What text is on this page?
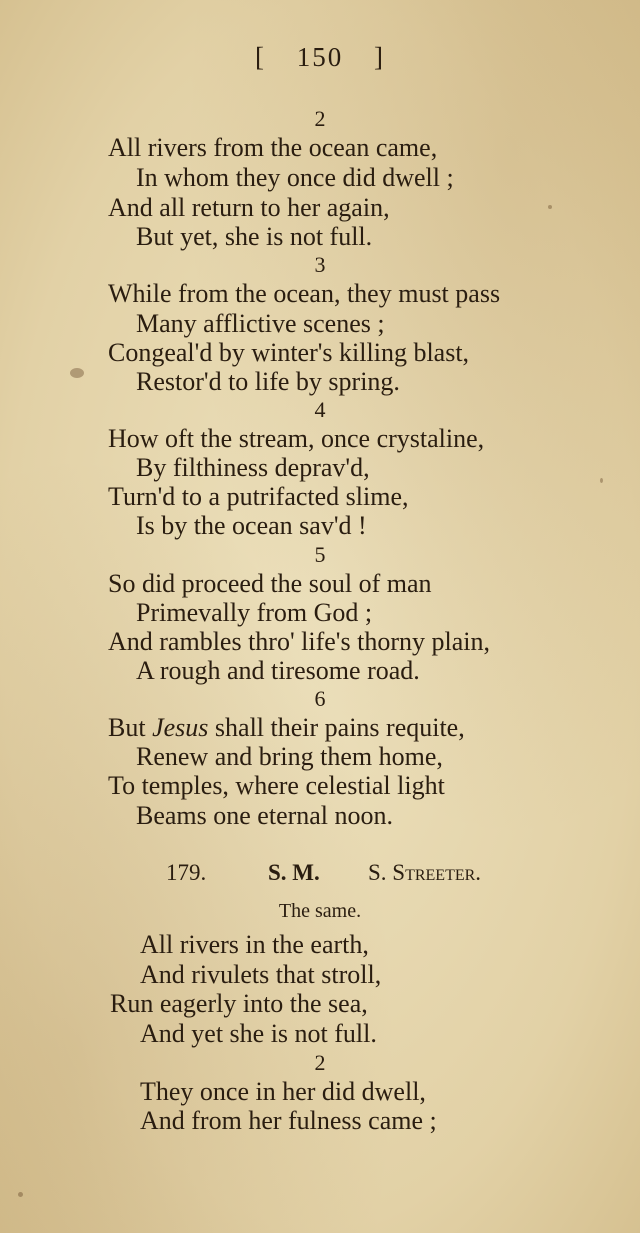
[ 150 ]
2
All rivers from the ocean came,
In whom they once did dwell ;
And all return to her again,
But yet, she is not full.
3
While from the ocean, they must pass
Many afflictive scenes ;
Congeal'd by winter's killing blast,
Restor'd to life by spring.
4
How oft the stream, once crystaline,
By filthiness deprav'd,
Turn'd to a putrifacted slime,
Is by the ocean sav'd !
5
So did proceed the soul of man
Primevally from God ;
And rambles thro' life's thorny plain,
A rough and tiresome road.
6
But Jesus shall their pains requite,
Renew and bring them home,
To temples, where celestial light
Beams one eternal noon.
179.	S. M. S. Streeter.
The same.
All rivers in the earth,
And rivulets that stroll,
Run eagerly into the sea,
And yet she is not full.
2
They once in her did dwell,
And from her fulness came ;
